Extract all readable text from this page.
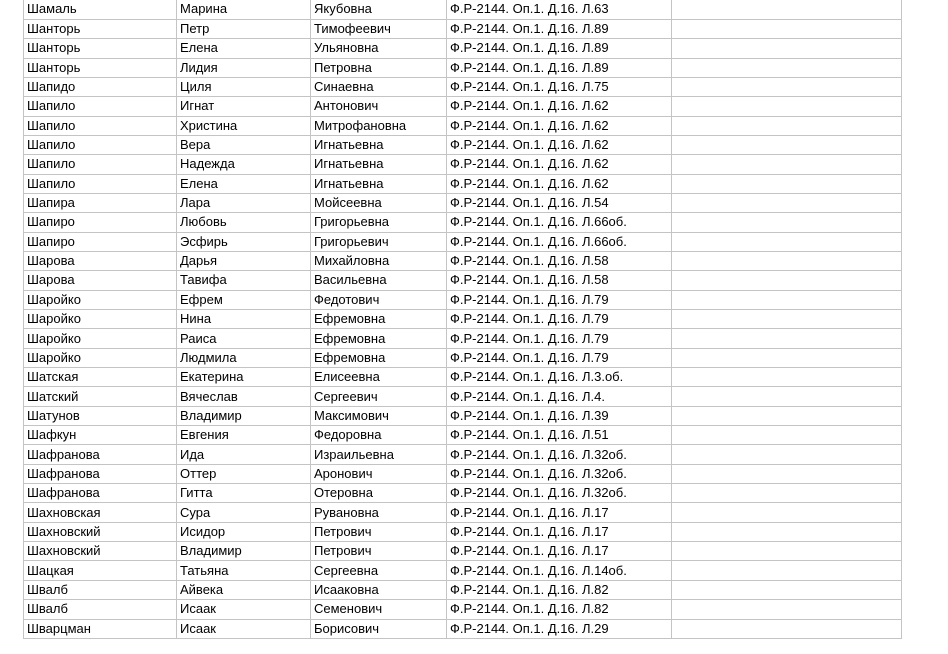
Шамаль	Марина	Якубовна	Ф.Р-2144. Оп.1. Д.16. Л.63	
Шанторь	Петр	Тимофеевич	Ф.Р-2144. Оп.1. Д.16. Л.89	
Шанторь	Елена	Ульяновна	Ф.Р-2144. Оп.1. Д.16. Л.89	
Шанторь	Лидия	Петровна	Ф.Р-2144. Оп.1. Д.16. Л.89	
Шапидо	Циля	Синаевна	Ф.Р-2144. Оп.1. Д.16. Л.75	
Шапило	Игнат	Антонович	Ф.Р-2144. Оп.1. Д.16. Л.62	
Шапило	Христина	Митрофановна	Ф.Р-2144. Оп.1. Д.16. Л.62	
Шапило	Вера	Игнатьевна	Ф.Р-2144. Оп.1. Д.16. Л.62	
Шапило	Надежда	Игнатьевна	Ф.Р-2144. Оп.1. Д.16. Л.62	
Шапило	Елена	Игнатьевна	Ф.Р-2144. Оп.1. Д.16. Л.62	
Шапира	Лара	Мойсеевна	Ф.Р-2144. Оп.1. Д.16. Л.54	
Шапиро	Любовь	Григорьевна	Ф.Р-2144. Оп.1. Д.16. Л.66об.	
Шапиро	Эсфирь	Григорьевич	Ф.Р-2144. Оп.1. Д.16. Л.66об.	
Шарова	Дарья	Михайловна	Ф.Р-2144. Оп.1. Д.16. Л.58	
Шарова	Тавифа	Васильевна	Ф.Р-2144. Оп.1. Д.16. Л.58	
Шаройко	Ефрем	Федотович	Ф.Р-2144. Оп.1. Д.16. Л.79	
Шаройко	Нина	Ефремовна	Ф.Р-2144. Оп.1. Д.16. Л.79	
Шаройко	Раиса	Ефремовна	Ф.Р-2144. Оп.1. Д.16. Л.79	
Шаройко	Людмила	Ефремовна	Ф.Р-2144. Оп.1. Д.16. Л.79	
Шатская	Екатерина	Елисеевна	Ф.Р-2144. Оп.1. Д.16. Л.3.об.	
Шатский	Вячеслав	Сергеевич	Ф.Р-2144. Оп.1. Д.16. Л.4.	
Шатунов	Владимир	Максимович	Ф.Р-2144. Оп.1. Д.16. Л.39	
Шафкун	Евгения	Федоровна	Ф.Р-2144. Оп.1. Д.16. Л.51	
Шафранова	Ида	Израильевна	Ф.Р-2144. Оп.1. Д.16. Л.32об.	
Шафранова	Оттер	Аронович	Ф.Р-2144. Оп.1. Д.16. Л.32об.	
Шафранова	Гитта	Отеровна	Ф.Р-2144. Оп.1. Д.16. Л.32об.	
Шахновская	Сура	Рувановна	Ф.Р-2144. Оп.1. Д.16. Л.17	
Шахновский	Исидор	Петрович	Ф.Р-2144. Оп.1. Д.16. Л.17	
Шахновский	Владимир	Петрович	Ф.Р-2144. Оп.1. Д.16. Л.17	
Шацкая	Татьяна	Сергеевна	Ф.Р-2144. Оп.1. Д.16. Л.14об.	
Швалб	Айвека	Исааковна	Ф.Р-2144. Оп.1. Д.16. Л.82	
Швалб	Исаак	Семенович	Ф.Р-2144. Оп.1. Д.16. Л.82	
Шварцман	Исаак	Борисович	Ф.Р-2144. Оп.1. Д.16. Л.29	
